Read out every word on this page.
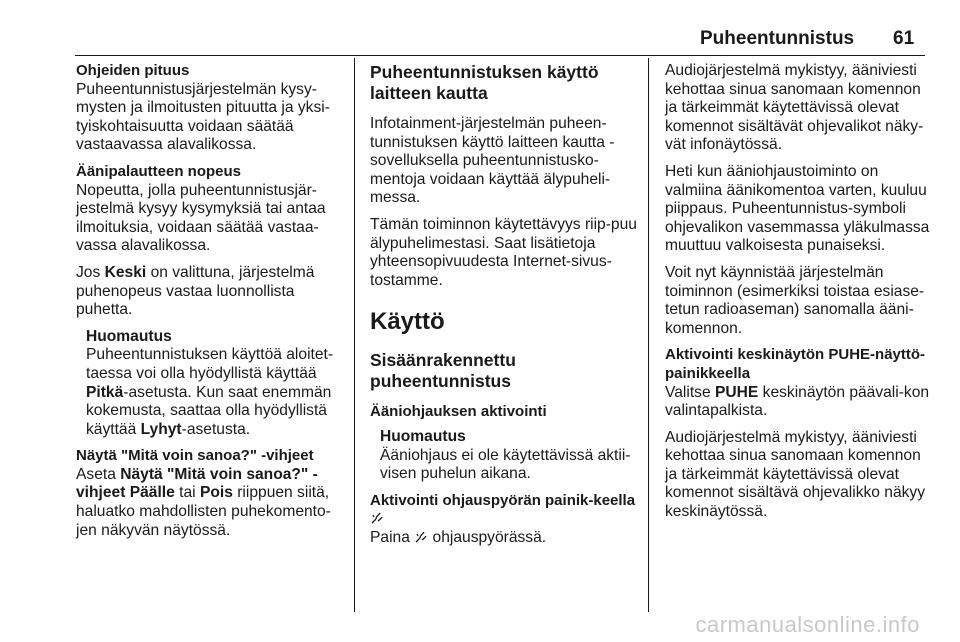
Puheentunnistus 61
Ohjeiden pituus
Puheentunnistusjärjestelmän kysy-mysten ja ilmoitusten pituutta ja yksi-tyiskohtaisuutta voidaan säätää vastaavassa alavalikossa.
Äänipalautteen nopeus
Nopeutta, jolla puheentunnistusjär-jestelmä kysyy kysymyksiä tai antaa ilmoituksia, voidaan säätää vastaa-vassa alavalikossa.
Jos Keski on valittuna, järjestelmä puhenopeus vastaa luonnollista puhetta.
Huomautus
Puheentunnistuksen käyttöä aloitet-taessa voi olla hyödyllistä käyttää Pitkä-asetusta. Kun saat enemmän kokemusta, saattaa olla hyödyllistä käyttää Lyhyt-asetusta.
Näytä "Mitä voin sanoa?" -vihjeet
Aseta Näytä "Mitä voin sanoa?" -vihjeet Päälle tai Pois riippuen siitä, haluatko mahdollisten puhekomento-jen näkyvän näytössä.
Puheentunnistuksen käyttö laitteen kautta
Infotainment-järjestelmän puheen-tunnistuksen käyttö laitteen kautta -sovelluksella puheentunnistusko-mentoja voidaan käyttää älypuheli-messa.
Tämän toiminnon käytettävyys riip-puu älypuhelimestasi. Saat lisätietoja yhteensopivuudesta Internet-sivus-tostamme.
Käyttö
Sisäänrakennettu puheentunnistus
Ääniohjauksen aktivointi
Huomautus
Ääniohjaus ei ole käytettävissä aktii-visen puhelun aikana.
Aktivointi ohjauspyörän painik-keella
Paina  ohjauspyörässä.
Audiojärjestelmä mykistyy, ääniviesti kehottaa sinua sanomaan komennon ja tärkeimmät käytettävissä olevat komennot sisältävät ohjevalikot näky-vät infonäytössä.
Heti kun ääniohjaustoiminto on valmiina äänikomentoa varten, kuuluu piippaus. Puheentunnistus-symboli ohjevalikon vasemmassa yläkulmassa muuttuu valkoisesta punaiseksi.
Voit nyt käynnistää järjestelmän toiminnon (esimerkiksi toistaa esiase-tetun radioaseman) sanomalla ääni-komennon.
Aktivointi keskinäytön PUHE-näyttö-painikkeella
Valitse PUHE keskinäytön päävali-kon valintapalkista.
Audiojärjestelmä mykistyy, ääniviesti kehottaa sinua sanomaan komennon ja tärkeimmät käytettävissä olevat komennot sisältävä ohjevalikko näkyy keskinäytössä.
carmanualsonline.info
